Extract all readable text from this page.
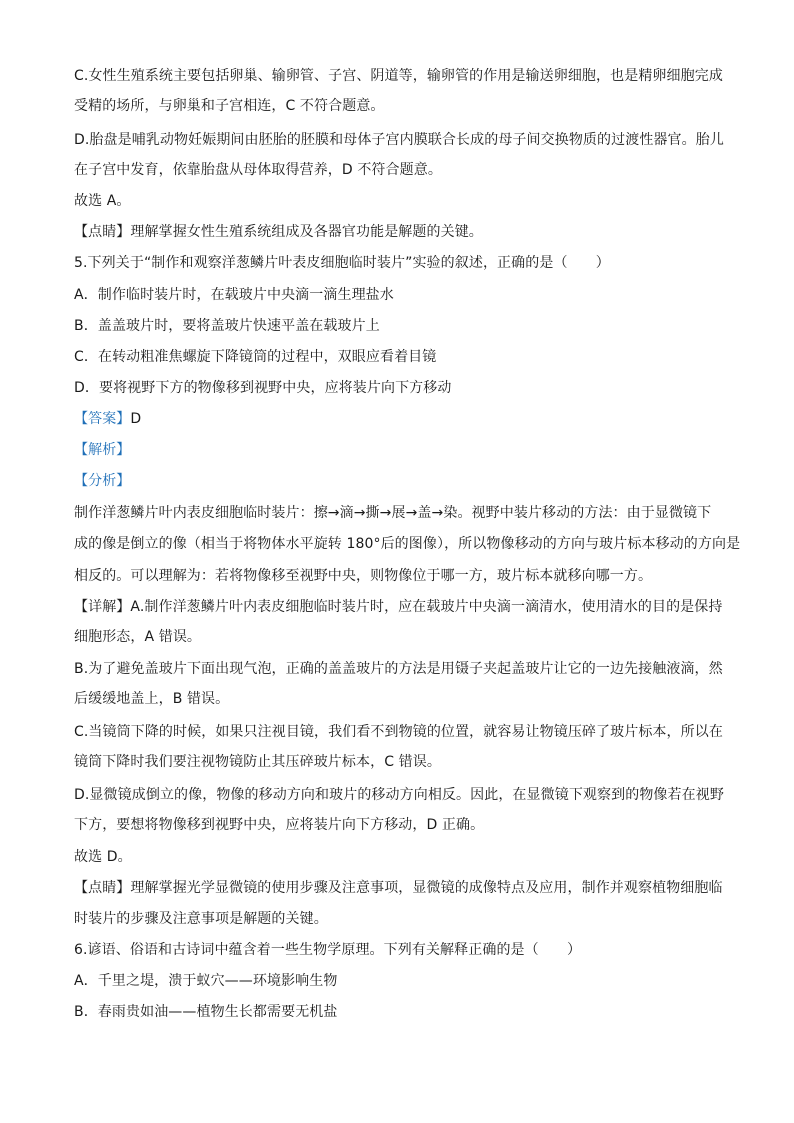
C.女性生殖系统主要包括卵巢、输卵管、子宫、阴道等，输卵管的作用是输送卵细胞，也是精卵细胞完成
受精的场所，与卵巢和子宫相连，C 不符合题意。
D.胎盘是哺乳动物妊娠期间由胚胎的胚膜和母体子宫内膜联合长成的母子间交换物质的过渡性器官。胎儿
在子宫中发育，依靠胎盘从母体取得营养，D 不符合题意。
故选 A。
【点睛】理解掌握女性生殖系统组成及各器官功能是解题的关键。
5.下列关于“制作和观察洋葱鳞片叶表皮细胞临时装片”实验的叙述，正确的是（　　）
A．制作临时装片时，在载玻片中央滴一滴生理盐水
B．盖盖玻片时，要将盖玻片快速平盖在载玻片上
C．在转动粗准焦螺旋下降镜筒的过程中，双眼应看着目镜
D．要将视野下方的物像移到视野中央，应将装片向下方移动
【答案】D
【解析】
【分析】
制作洋葱鳞片叶内表皮细胞临时装片：擦→滴→撕→展→盖→染。视野中装片移动的方法：由于显微镜下
成的像是倒立的像（相当于将物体水平旋转 180°后的图像），所以物像移动的方向与玻片标本移动的方向是
相反的。可以理解为：若将物像移至视野中央，则物像位于哪一方，玻片标本就移向哪一方。
【详解】A.制作洋葱鳞片叶内表皮细胞临时装片时，应在载玻片中央滴一滴清水，使用清水的目的是保持
细胞形态，A 错误。
B.为了避免盖玻片下面出现气泡，正确的盖盖玻片的方法是用镊子夹起盖玻片让它的一边先接触液滴，然
后缓缓地盖上，B 错误。
C.当镜筒下降的时候，如果只注视目镜，我们看不到物镜的位置，就容易让物镜压碎了玻片标本，所以在
镜筒下降时我们要注视物镜防止其压碎玻片标本，C 错误。
D.显微镜成倒立的像，物像的移动方向和玻片的移动方向相反。因此，在显微镜下观察到的物像若在视野
下方，要想将物像移到视野中央，应将装片向下方移动，D 正确。
故选 D。
【点睛】理解掌握光学显微镜的使用步骤及注意事项，显微镜的成像特点及应用，制作并观察植物细胞临
时装片的步骤及注意事项是解题的关键。
6.谚语、俗语和古诗词中蕴含着一些生物学原理。下列有关解释正确的是（　　）
A．千里之堤，溃于蚁穴——环境影响生物
B．春雨贵如油——植物生长都需要无机盐
